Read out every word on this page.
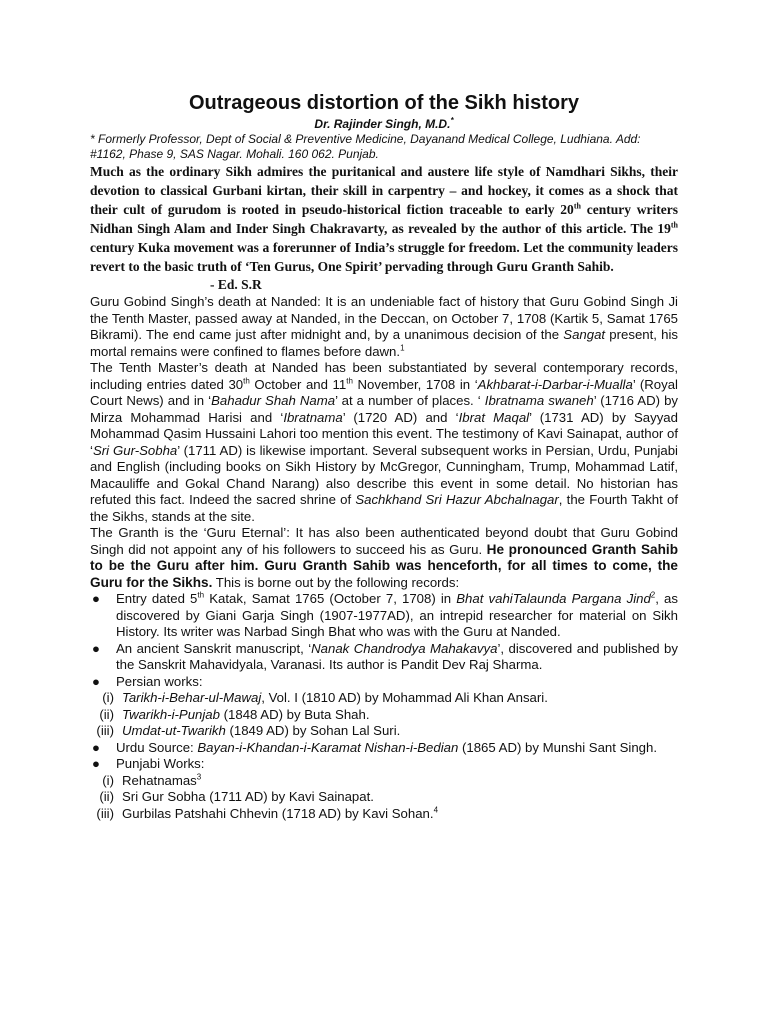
Outrageous distortion of the Sikh history
Dr. Rajinder Singh, M.D.*
* Formerly Professor, Dept of Social & Preventive Medicine, Dayanand Medical College, Ludhiana. Add: #1162, Phase 9, SAS Nagar. Mohali. 160 062. Punjab.
Much as the ordinary Sikh admires the puritanical and austere life style of Namdhari Sikhs, their devotion to classical Gurbani kirtan, their skill in carpentry – and hockey, it comes as a shock that their cult of gurudom is rooted in pseudo-historical fiction traceable to early 20th century writers Nidhan Singh Alam and Inder Singh Chakravarty, as revealed by the author of this article. The 19th century Kuka movement was a forerunner of India’s struggle for freedom. Let the community leaders revert to the basic truth of ‘Ten Gurus, One Spirit’ pervading through Guru Granth Sahib.
- Ed. S.R

Guru Gobind Singh’s death at Nanded: It is an undeniable fact of history that Guru Gobind Singh Ji the Tenth Master, passed away at Nanded, in the Deccan, on October 7, 1708 (Kartik 5, Samat 1765 Bikrami). The end came just after midnight and, by a unanimous decision of the Sangat present, his mortal remains were confined to flames before dawn.$^1$

The Tenth Master’s death at Nanded has been substantiated by several contemporary records, including entries dated 30th October and 11th November, 1708 in ‘Akhbarat-i-Darbar-i-Mualla’ (Royal Court News) and in ‘Bahadur Shah Nama’ at a number of places. ‘ Ibratnama swaneh’ (1716 AD) by Mirza Mohammad Harisi and ‘Ibratnama’ (1720 AD) and ‘Ibrat Maqal’ (1731 AD) by Sayyad Mohammad Qasim Hussaini Lahori too mention this event. The testimony of Kavi Sainapat, author of ‘Sri Gur-Sobha’ (1711 AD) is likewise important. Several subsequent works in Persian, Urdu, Punjabi and English (including books on Sikh History by McGregor, Cunningham, Trump, Mohammad Latif, Macauliffe and Gokal Chand Narang) also describe this event in some detail. No historian has refuted this fact. Indeed the sacred shrine of Sachkhand Sri Hazur Abchalnagar, the Fourth Takht of the Sikhs, stands at the site.

The Granth is the ‘Guru Eternal’: It has also been authenticated beyond doubt that Guru Gobind Singh did not appoint any of his followers to succeed his as Guru. He pronounced Granth Sahib to be the Guru after him. Guru Granth Sahib was henceforth, for all times to come, the Guru for the Sikhs. This is borne out by the following records:

● Entry dated 5th Katak, Samat 1765 (October 7, 1708) in Bhat vahiTalaunda Pargana Jind$^2$, as discovered by Giani Garja Singh (1907-1977AD), an intrepid researcher for material on Sikh History. Its writer was Narbad Singh Bhat who was with the Guru at Nanded.

● An ancient Sanskrit manuscript, ‘Nanak Chandrodya Mahakavya’, discovered and published by the Sanskrit Mahavidyala, Varanasi. Its author is Pandit Dev Raj Sharma.

● Persian works:

(i) Tarikh-i-Behar-ul-Mawaj, Vol. I (1810 AD) by Mohammad Ali Khan Ansari.

(ii) Twarikh-i-Punjab (1848 AD) by Buta Shah.

(iii) Umdat-ut-Twarikh (1849 AD) by Sohan Lal Suri.

● Urdu Source: Bayan-i-Khandan-i-Karamat Nishan-i-Bedian (1865 AD) by Munshi Sant Singh.

● Punjabi Works:

(i) Rehatnamas$^3$

(ii) Sri Gur Sobha (1711 AD) by Kavi Sainapat.

(iii) Gurbilas Patshahi Chhevin (1718 AD) by Kavi Sohan.$^4$
